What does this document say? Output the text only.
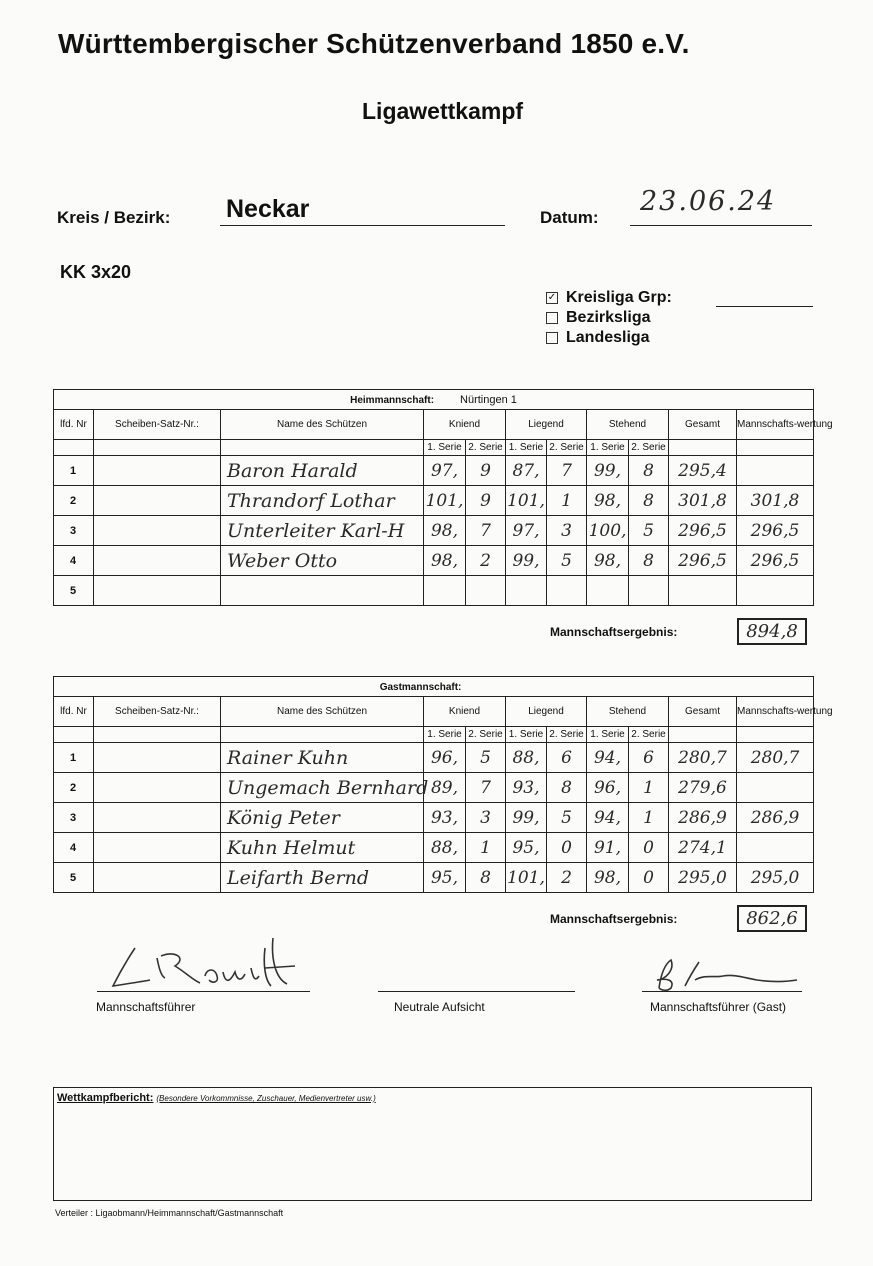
Württembergischer Schützenverband 1850 e.V.
Ligawettkampf
Kreis / Bezirk: Neckar	Datum:
23.06.24
KK 3x20
✓ Kreisliga Grp:
Bezirksliga
Landesliga
Heimmannschaft: Nürtingen 1										
lfd. Nr	Scheiben-Satz-Nr.:	Name des Schützen	Kniend		Liegend		Stehend		Gesamt	Mannschafts-wertung
			1. Serie	2. Serie	1. Serie	2. Serie	1. Serie	2. Serie		
1		Baron Harald	97,	9	87,	7	99,	8	295,4	
2		Thrandorf Lothar	101,	9	101,	1	98,	8	301,8	301,8
3		Unterleiter Karl-H	98,	7	97,	3	100,	5	296,5	296,5
4		Weber Otto	98,	2	99,	5	98,	8	296,5	296,5
5										
Mannschaftsergebnis:	894,8
Gastmannschaft:										
lfd. Nr	Scheiben-Satz-Nr.:	Name des Schützen	Kniend		Liegend		Stehend		Gesamt	Mannschafts-wertung
			1. Serie	2. Serie	1. Serie	2. Serie	1. Serie	2. Serie		
1		Rainer Kuhn	96,	5	88,	6	94,	6	280,7	280,7
2		Ungemach Bernhard	89,	7	93,	8	96,	1	279,6	
3		König Peter	93,	3	99,	5	94,	1	286,9	286,9
4		Kuhn Helmut	88,	1	95,	0	91,	0	274,1	
5		Leifarth Bernd	95,	8	101,	2	98,	0	295,0	295,0
Mannschaftsergebnis:	862,6
Mannschaftsführer	Neutrale Aufsicht	Mannschaftsführer (Gast)
Wettkampfbericht: (Besondere Vorkommnisse, Zuschauer, Medienvertreter usw.)
Verteiler : Ligaobmann/Heimmannschaft/Gastmannschaft
